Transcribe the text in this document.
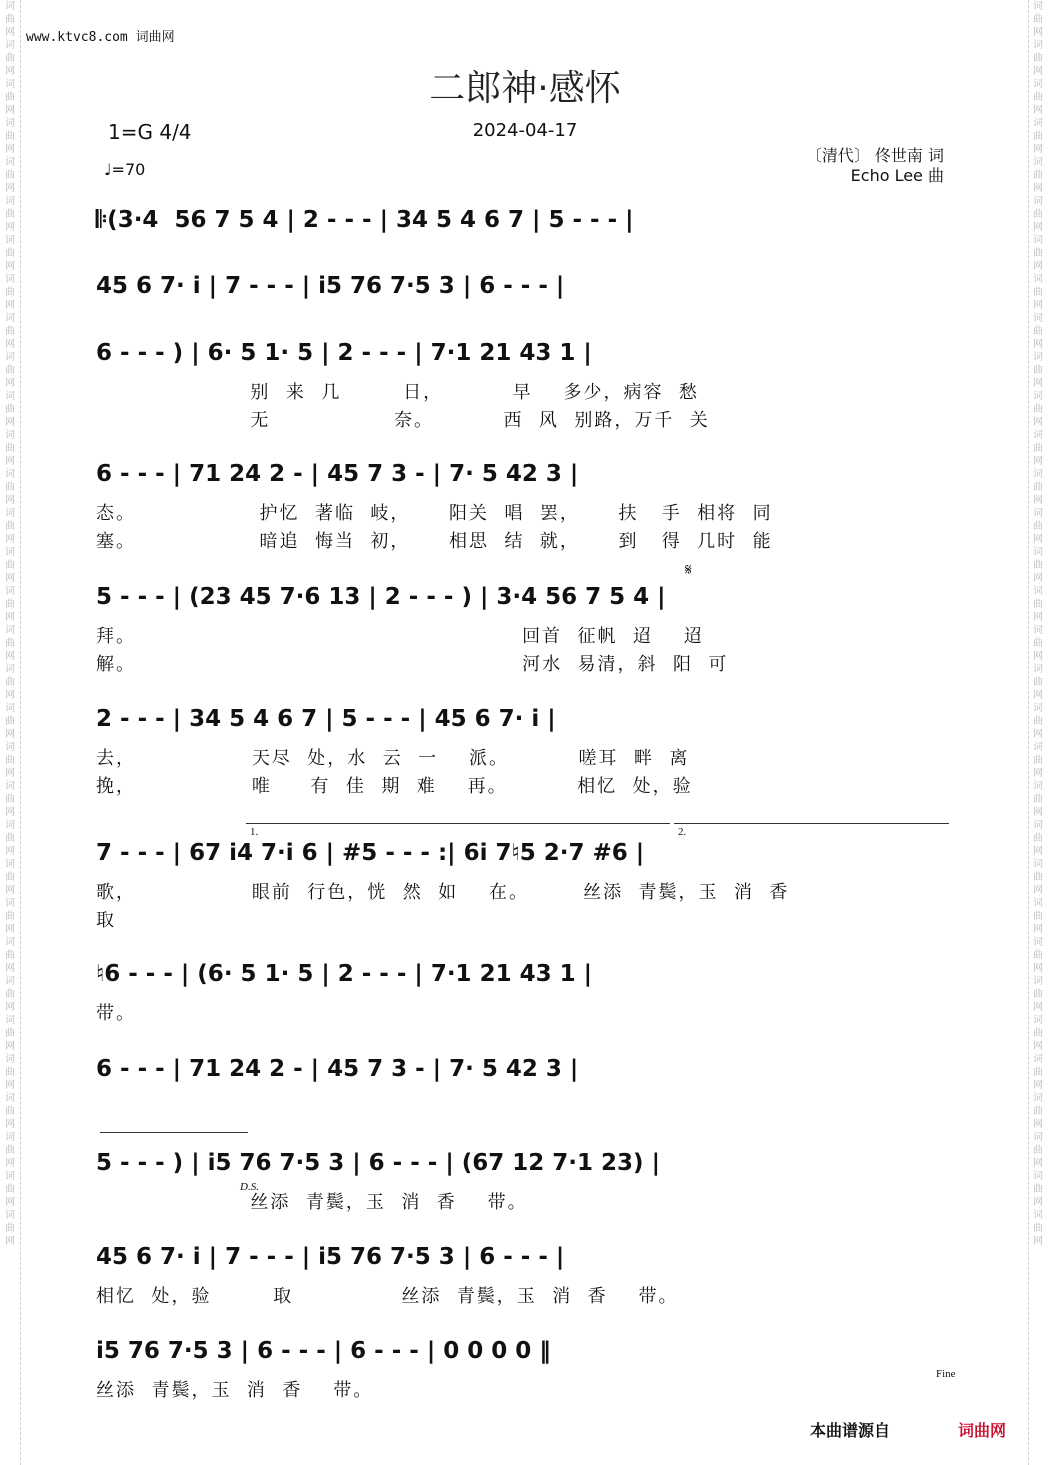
词曲网词曲网词曲网词曲网词曲网词曲网词曲网词曲网词曲网词曲网词曲网词曲网词曲网词曲网词曲网词曲网词曲网词曲网词曲网词曲网词曲网词曲网词曲网词曲网词曲网词曲网词曲网词曲网词曲网词曲网词曲网词曲网
词曲网词曲网词曲网词曲网词曲网词曲网词曲网词曲网词曲网词曲网词曲网词曲网词曲网词曲网词曲网词曲网词曲网词曲网词曲网词曲网词曲网词曲网词曲网词曲网词曲网词曲网词曲网词曲网词曲网词曲网词曲网词曲网
www.ktvc8.com 词曲网
二郎神·感怀
1=G 4/4	2024-04-17
♩=70
〔清代〕 佟世南 词
Echo Lee 曲
𝄆(3·4  56 7 5 4 | 2 - - - | 34 5 4 6 7 | 5 - - - |
45 6 7· i | 7 - - - | i5 76 7·5 3 | 6 - - - |
6 - - - ) | 6· 5 1· 5 | 2 - - - | 7·1 21 43 1 |
别  来  几        日，         早    多少，病容  愁
无                奈。         西  风  别路，万千  关
6 - - - | 71 24 2 - | 45 7 3 - | 7· 5 42 3 |
态。                护忆  著临  岐，     阳关  唱  罢，     扶   手  相将  同
塞。                暗追  悔当  初，     相思  结  就，     到   得  几时  能
5 - - - | (23 45 7·6 13 | 2 - - - ) | 3·4 56 7 5 4 |
拜。                                                  回首  征帆  迢    迢
解。                                                  河水  易清，斜  阳  可
𝄋
2 - - - | 34 5 4 6 7 | 5 - - - | 45 6 7· i |
去，               天尽  处，水  云  一    派。         嗟耳  畔  离
挽，               唯     有  佳  期  难    再。         相忆  处，验
1.	2.
7 - - - | 67 i4 7·i 6 | #5 - - - :| 6i 7♮5 2·7 #6 |
歌，               眼前  行色，恍  然  如    在。       丝添  青鬓，玉  消  香
取
♮6 - - - | (6· 5 1· 5 | 2 - - - | 7·1 21 43 1 |
带。
6 - - - | 71 24 2 - | 45 7 3 - | 7· 5 42 3 |
5 - - - ) | i5 76 7·5 3 | 6 - - - | (67 12 7·1 23) |
丝添  青鬓，玉  消  香    带。
D.S.
45 6 7· i | 7 - - - | i5 76 7·5 3 | 6 - - - |
相忆  处，验        取              丝添  青鬓，玉  消  香    带。
i5 76 7·5 3 | 6 - - - | 6 - - - | 0 0 0 0 ‖
丝添  青鬓，玉  消  香    带。
Fine
本曲谱源自	词曲网
